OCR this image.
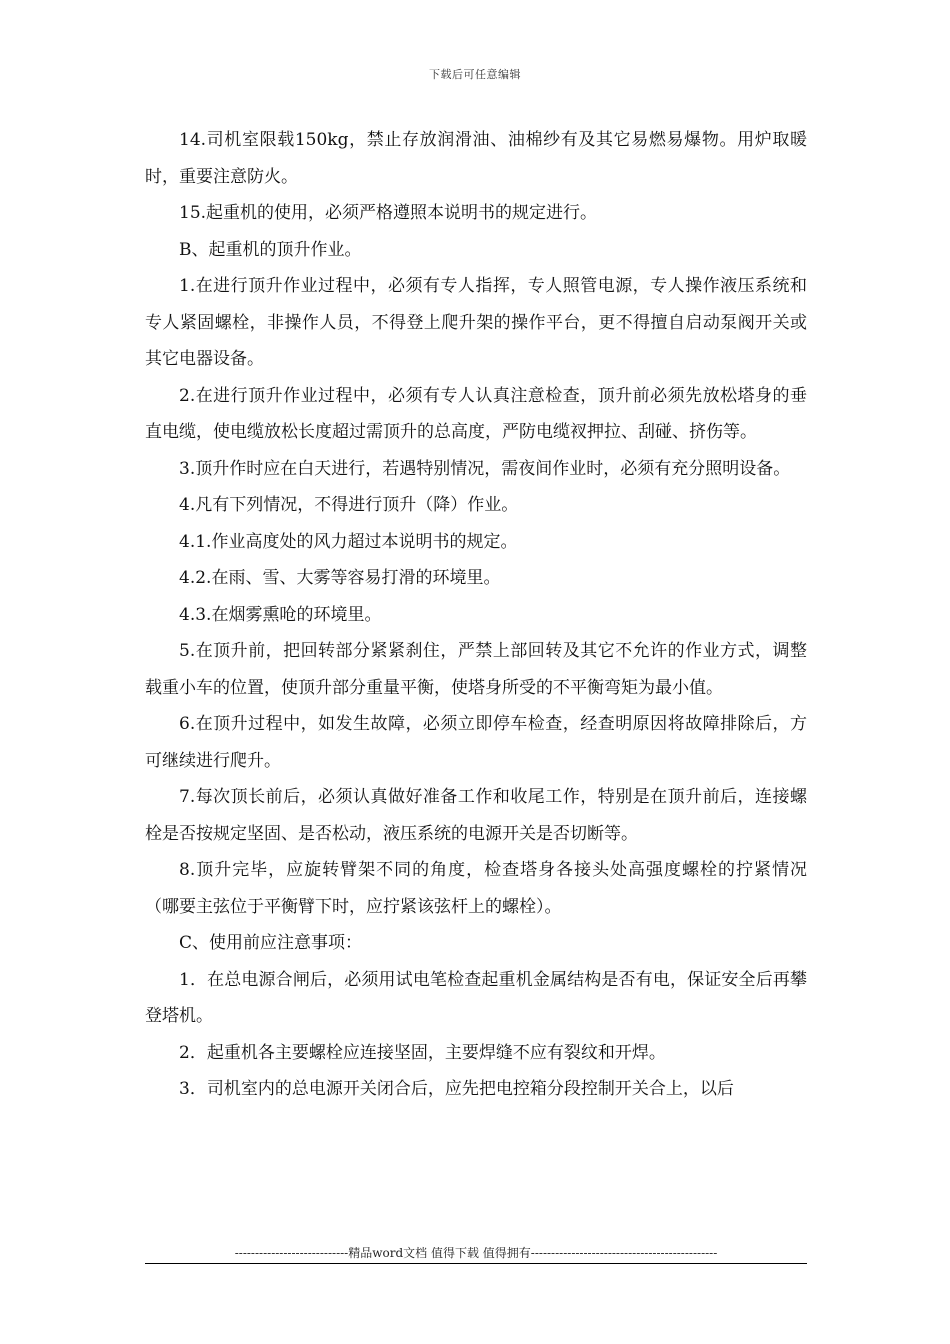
下载后可任意编辑

14.司机室限载150kg，禁止存放润滑油、油棉纱有及其它易燃易爆物。用炉取暖时，重要注意防火。

15.起重机的使用，必须严格遵照本说明书的规定进行。

B、起重机的顶升作业。

1.在进行顶升作业过程中，必须有专人指挥，专人照管电源，专人操作液压系统和专人紧固螺栓，非操作人员，不得登上爬升架的操作平台，更不得擅自启动泵阀开关或其它电器设备。

2.在进行顶升作业过程中，必须有专人认真注意检查，顶升前必须先放松塔身的垂直电缆，使电缆放松长度超过需顶升的总高度，严防电缆衩押拉、刮碰、挤伤等。

3.顶升作时应在白天进行，若遇特别情况，需夜间作业时，必须有充分照明设备。

4.凡有下列情况，不得进行顶升（降）作业。

4.1.作业高度处的风力超过本说明书的规定。

4.2.在雨、雪、大雾等容易打滑的环境里。

4.3.在烟雾熏呛的环境里。

5.在顶升前，把回转部分紧紧刹住，严禁上部回转及其它不允许的作业方式，调整载重小车的位置，使顶升部分重量平衡，使塔身所受的不平衡弯矩为最小值。

6.在顶升过程中，如发生故障，必须立即停车检查，经查明原因将故障排除后，方可继续进行爬升。

7.每次顶长前后，必须认真做好准备工作和收尾工作，特别是在顶升前后，连接螺栓是否按规定坚固、是否松动，液压系统的电源开关是否切断等。

8.顶升完毕，应旋转臂架不同的角度，检查塔身各接头处高强度螺栓的拧紧情况（哪要主弦位于平衡臂下时，应拧紧该弦杆上的螺栓）。

C、使用前应注意事项：

1．在总电源合闸后，必须用试电笔检查起重机金属结构是否有电，保证安全后再攀登塔机。

2．起重机各主要螺栓应连接坚固，主要焊缝不应有裂纹和开焊。

3．司机室内的总电源开关闭合后，应先把电控箱分段控制开关合上，以后

----------------------------精品word文档 值得下载 值得拥有----------------------------------------------
